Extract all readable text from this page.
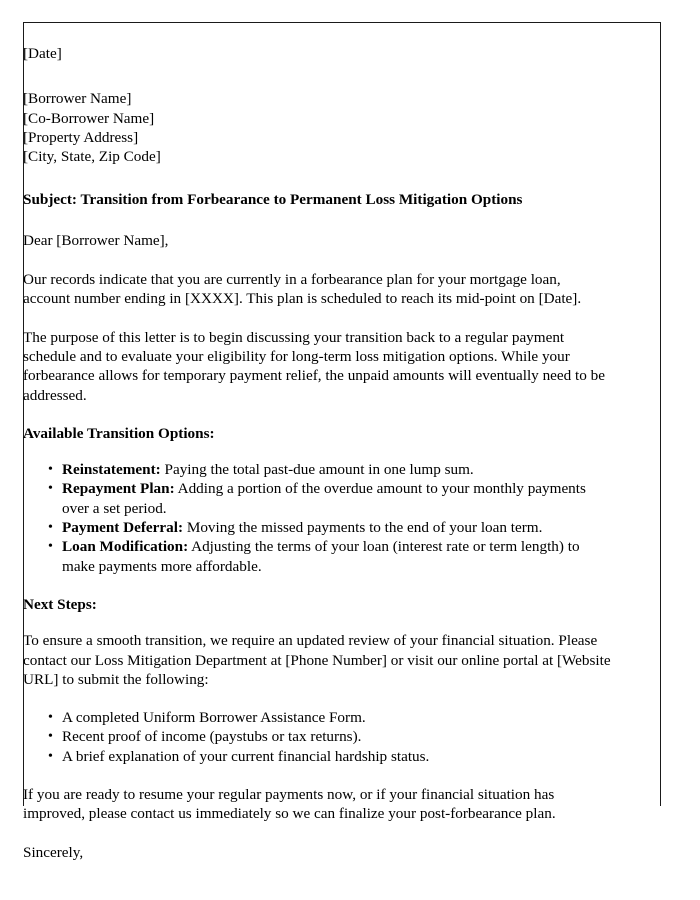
[Date]
[Borrower Name]
[Co-Borrower Name]
[Property Address]
[City, State, Zip Code]
Subject: Transition from Forbearance to Permanent Loss Mitigation Options
Dear [Borrower Name],

Our records indicate that you are currently in a forbearance plan for your mortgage loan, account number ending in [XXXX]. This plan is scheduled to reach its mid-point on [Date].

The purpose of this letter is to begin discussing your transition back to a regular payment schedule and to evaluate your eligibility for long-term loss mitigation options. While your forbearance allows for temporary payment relief, the unpaid amounts will eventually need to be addressed.

Available Transition Options:
• Reinstatement: Paying the total past-due amount in one lump sum.
• Repayment Plan: Adding a portion of the overdue amount to your monthly payments over a set period.
• Payment Deferral: Moving the missed payments to the end of your loan term.
• Loan Modification: Adjusting the terms of your loan (interest rate or term length) to make payments more affordable.
Next Steps:

To ensure a smooth transition, we require an updated review of your financial situation. Please contact our Loss Mitigation Department at [Phone Number] or visit our online portal at [Website URL] to submit the following:

• A completed Uniform Borrower Assistance Form.
• Recent proof of income (paystubs or tax returns).
• A brief explanation of your current financial hardship status.

If you are ready to resume your regular payments now, or if your financial situation has improved, please contact us immediately so we can finalize your post-forbearance plan.

Sincerely,
